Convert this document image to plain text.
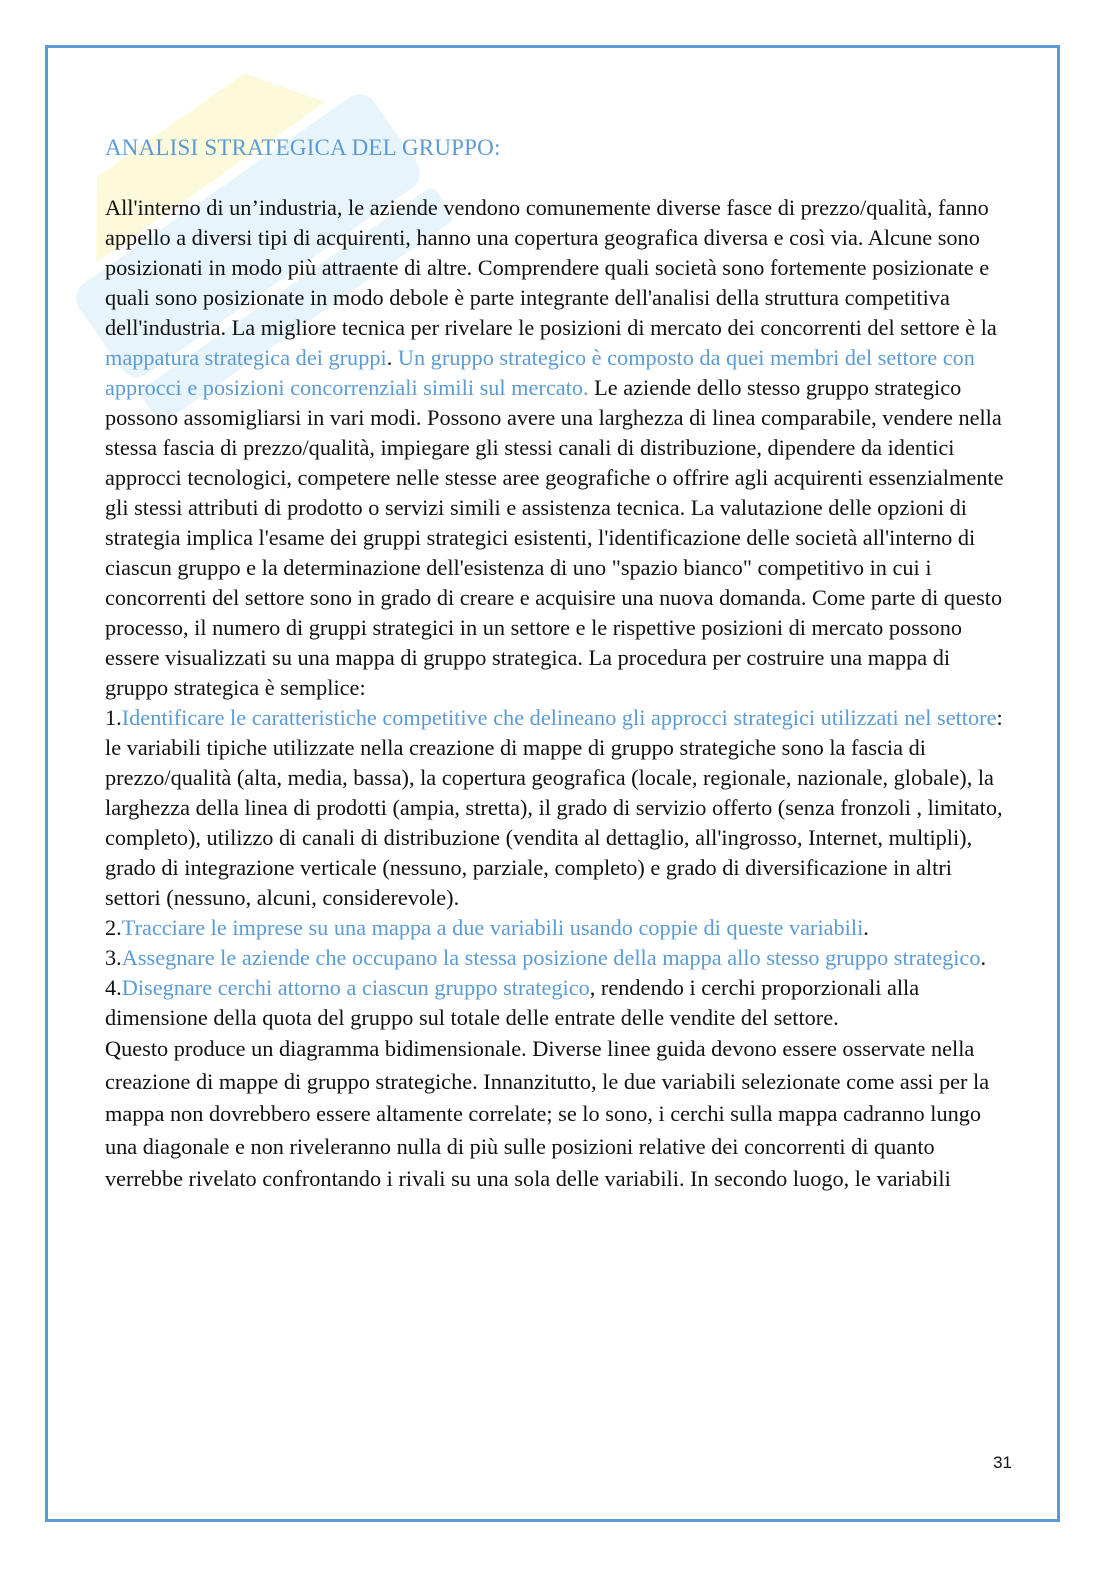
ANALISI STRATEGICA DEL GRUPPO:

All'interno di un’industria, le aziende vendono comunemente diverse fasce di prezzo/qualità, fanno appello a diversi tipi di acquirenti, hanno una copertura geografica diversa e così via. Alcune sono posizionati in modo più attraente di altre. Comprendere quali società sono fortemente posizionate e quali sono posizionate in modo debole è parte integrante dell'analisi della struttura competitiva dell'industria. La migliore tecnica per rivelare le posizioni di mercato dei concorrenti del settore è la mappatura strategica dei gruppi. Un gruppo strategico è composto da quei membri del settore con approcci e posizioni concorrenziali simili sul mercato. Le aziende dello stesso gruppo strategico possono assomigliarsi in vari modi. Possono avere una larghezza di linea comparabile, vendere nella stessa fascia di prezzo/qualità, impiegare gli stessi canali di distribuzione, dipendere da identici approcci tecnologici, competere nelle stesse aree geografiche o offrire agli acquirenti essenzialmente gli stessi attributi di prodotto o servizi simili e assistenza tecnica. La valutazione delle opzioni di strategia implica l'esame dei gruppi strategici esistenti, l'identificazione delle società all'interno di ciascun gruppo e la determinazione dell'esistenza di uno "spazio bianco" competitivo in cui i concorrenti del settore sono in grado di creare e acquisire una nuova domanda. Come parte di questo processo, il numero di gruppi strategici in un settore e le rispettive posizioni di mercato possono essere visualizzati su una mappa di gruppo strategica. La procedura per costruire una mappa di gruppo strategica è semplice:

1.Identificare le caratteristiche competitive che delineano gli approcci strategici utilizzati nel settore: le variabili tipiche utilizzate nella creazione di mappe di gruppo strategiche sono la fascia di prezzo/qualità (alta, media, bassa), la copertura geografica (locale, regionale, nazionale, globale), la larghezza della linea di prodotti (ampia, stretta), il grado di servizio offerto (senza fronzoli , limitato, completo), utilizzo di canali di distribuzione (vendita al dettaglio, all'ingrosso, Internet, multipli), grado di integrazione verticale (nessuno, parziale, completo) e grado di diversificazione in altri settori (nessuno, alcuni, considerevole).

2.Tracciare le imprese su una mappa a due variabili usando coppie di queste variabili.

3.Assegnare le aziende che occupano la stessa posizione della mappa allo stesso gruppo strategico.

4.Disegnare cerchi attorno a ciascun gruppo strategico, rendendo i cerchi proporzionali alla dimensione della quota del gruppo sul totale delle entrate delle vendite del settore.

Questo produce un diagramma bidimensionale. Diverse linee guida devono essere osservate nella creazione di mappe di gruppo strategiche. Innanzitutto, le due variabili selezionate come assi per la mappa non dovrebbero essere altamente correlate; se lo sono, i cerchi sulla mappa cadranno lungo una diagonale e non riveleranno nulla di più sulle posizioni relative dei concorrenti di quanto verrebbe rivelato confrontando i rivali su una sola delle variabili. In secondo luogo, le variabili

31
